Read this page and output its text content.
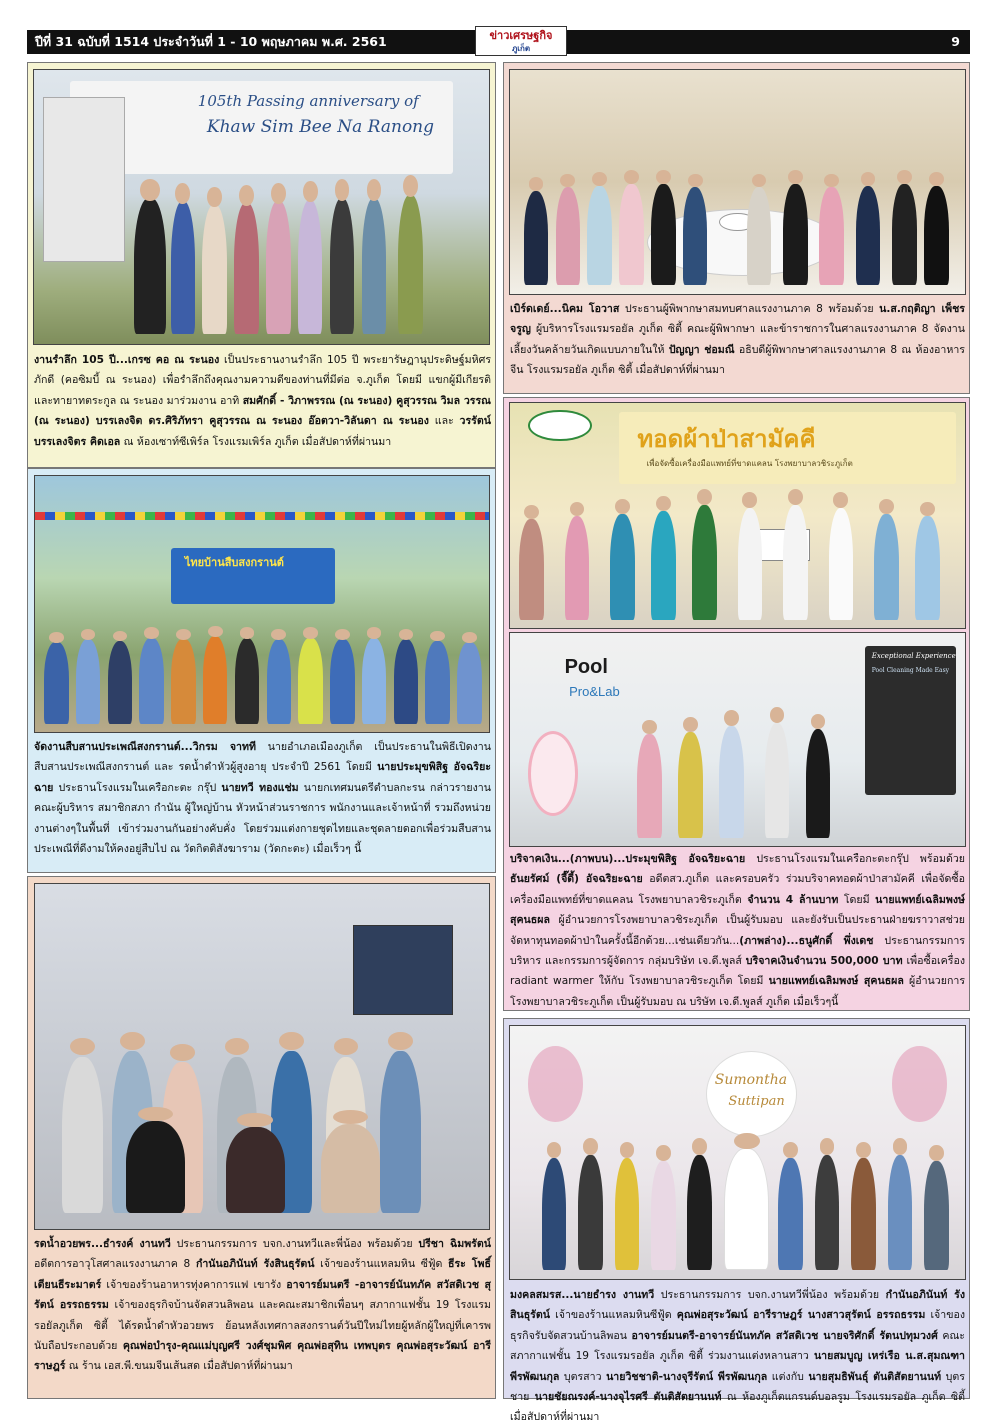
ปีที่ 31 ฉบับที่ 1514 ประจำวันที่ 1 - 10 พฤษภาคม พ.ศ. 2561	ข่าวเศรษฐกิจ
ภูเก็ต	9
105th Passing anniversary of
Khaw Sim Bee Na Ranong
งานรำลึก 105 ปี...เกรซ คอ ณ ระนอง เป็นประธานงานรำลึก 105 ปี พระยารัษฎานุประดิษฐ์มหิศร ภักดี (คอซิมบี้ ณ ระนอง) เพื่อรำลึกถึงคุณงามความดีของท่านที่มีต่อ จ.ภูเก็ต โดยมี แขกผู้มีเกียรติ และทายาทตระกูล ณ ระนอง มาร่วมงาน อาทิ สมศักดิ์ - วิภาพรรณ (ณ ระนอง) คูสุวรรณ วิมล วรรณ (ณ ระนอง) บรรเลงจิต ดร.ศิริภัทรา คูสุวรรณ ณ ระนอง อ๊อตวา-วิลันดา ณ ระนอง และ วรรัตน์ บรรเลงจิตร คิดเอล ณ ห้องเซาท์ซีเพิร์ล โรงแรมเพิร์ล ภูเก็ต เมื่อสัปดาห์ที่ผ่านมา
เบิร์ดเดย์...นิคม โอวาส ประธานผู้พิพากษาสมทบศาลแรงงานภาค 8 พร้อมด้วย น.ส.กฤติญา เพ็ชรจรูญ ผู้บริหารโรงแรมรอยัล ภูเก็ต ซิตี้ คณะผู้พิพากษา และข้าราชการในศาลแรงงานภาค 8 จัดงานเลี้ยงวันคล้ายวันเกิดแบบภายในให้ ปัญญา ช่อมณี อธิบดีผู้พิพากษาศาลแรงงานภาค 8 ณ ห้องอาหารจีน โรงแรมรอยัล ภูเก็ต ซิตี้ เมื่อสัปดาห์ที่ผ่านมา
ไทยบ้านสืบสงกรานต์
จัดงานสืบสานประเพณีสงกรานต์...วิกรม จาทที นายอำเภอเมืองภูเก็ต เป็นประธานในพิธีเปิดงานสืบสานประเพณีสงกรานต์ และ รดน้ำดำหัวผู้สูงอายุ ประจำปี 2561 โดยมี นายประมุขพิสิฐ อัจฉริยะฉาย ประธานโรงแรมในเครือกะตะ กรุ๊ป นายทวี ทองแช่ม นายกเทศมนตรีตำบลกะรน กล่าวรายงาน คณะผู้บริหาร สมาชิกสภา กำนัน ผู้ใหญ่บ้าน หัวหน้าส่วนราชการ พนักงานและเจ้าหน้าที่ รวมถึงหน่วยงานต่างๆในพื้นที่ เข้าร่วมงานกันอย่างคับคั่ง โดยร่วมแต่งกายชุดไทยและชุดลายดอกเพื่อร่วมสืบสานประเพณีที่ดีงามให้คงอยู่สืบไป ณ วัดกิตติสังฆาราม (วัดกะตะ) เมื่อเร็วๆ นี้
ทอดผ้าป่าสามัคคี
เพื่อจัดซื้อเครื่องมือแพทย์ที่ขาดแคลน โรงพยาบาลวชิระภูเก็ต
Pool
Pro&Lab
Exceptional Experience
Pool Cleaning Made Easy
บริจาคเงิน...(ภาพบน)...ประมุขพิสิฐ อัจฉริยะฉาย ประธานโรงแรมในเครือกะตะกรุ๊ป พร้อมด้วย ธันยรัศม์ (จี๊ดี้) อัจฉริยะฉาย อดีตสว.ภูเก็ต และครอบครัว ร่วมบริจาคทอดผ้าป่าสามัคคี เพื่อจัดซื้อเครื่องมือแพทย์ที่ขาดแคลน โรงพยาบาลวชิระภูเก็ต จำนวน 4 ล้านบาท โดยมี นายแพทย์เฉลิมพงษ์ สุคนธผล ผู้อำนวยการโรงพยาบาลวชิระภูเก็ต เป็นผู้รับมอบ และยังรับเป็นประธานฝ่ายฆราวาสช่วยจัดหาทุนทอดผ้าป่าในครั้งนี้อีกด้วย...เช่นเดียวกัน...(ภาพล่าง)...ธนูศักดิ์ พึ่งเดช ประธานกรรมการบริหาร และกรรมการผู้จัดการ กลุ่มบริษัท เจ.ดี.พูลส์ บริจาคเงินจำนวน 500,000 บาท เพื่อซื้อเครื่อง radiant warmer ให้กับ โรงพยาบาลวชิระภูเก็ต โดยมี นายแพทย์เฉลิมพงษ์ สุคนธผล ผู้อำนวยการโรงพยาบาลวชิระภูเก็ต เป็นผู้รับมอบ ณ บริษัท เจ.ดี.พูลส์ ภูเก็ต เมื่อเร็วๆนี้
รดน้ำอวยพร...ธำรงค์ งานทวี ประธานกรรมการ บจก.งานทวีและพี่น้อง พร้อมด้วย ปรีชา ฉิมพรัตน์ อดีตการอาวุโสศาลแรงงานภาค 8 กำนันอภินันท์ รังสินธุรัตน์ เจ้าของร้านแหลมหิน ซีฟู้ด ธีระ โพธิ์เตียนธีระมาตร์ เจ้าของร้านอาหารทุ่งคาการแฟ เขารัง อาจารย์มนตรี -อาจารย์นันทภัค สวัสดิเวช สุรัตน์ อรรถธรรม เจ้าของธุรกิจบ้านจัดสวนลิพอน และคณะสมาชิกเพื่อนๆ สภากาแฟชั้น 19 โรงแรมรอยัลภูเก็ต ซิตี้ ได้รดน้ำดำหัวอวยพร ย้อนหลังเทศกาลสงกรานต์วันปีใหม่ไทยผู้หลักผู้ใหญ่ที่เคารพนับถือประกอบด้วย คุณพ่อบำรุง-คุณแม่บุญศรี วงศ์ชุมพิศ คุณพ่อสุทิน เทพบุตร คุณพ่อสุระวัฒน์ อารีราษฎร์ ณ ร้าน เอส.พี.ขนมจีนเส้นสด เมื่อสัปดาห์ที่ผ่านมา
Sumontha
Suttipan
มงคลสมรส...นายธำรง งานทวี ประธานกรรมการ บจก.งานทวีพี่น้อง พร้อมด้วย กำนันอภินันท์ รังสินธุรัตน์ เจ้าของร้านแหลมหินซีฟู้ด คุณพ่อสุระวัฒน์ อารีราษฎร์ นางสาวสุรัตน์ อรรถธรรม เจ้าของธุรกิจรับจัดสวนบ้านลิพอน อาจารย์มนตรี-อาจารย์นันทภัค สวัสดิเวช นายจริศักดิ์ รัตนปทุมวงศ์ คณะสภากาแฟชั้น 19 โรงแรมรอยัล ภูเก็ต ซิตี้ ร่วมงานแต่งหลานสาว นายสมบูญ เหร่เรือ น.ส.สุมณฑา พีรพัฒนกุล บุตรสาว นายวิชชาติ-นางจุรีรัตน์ พีรพัฒนกุล แต่งกับ นายสุมธิพันธุ์ ตันติสัตยานนท์ บุตรชาย นายชัยณรงค์-นางจุไรศรี ตันติสัตยานนท์ ณ ห้องภูเก็ตแกรนด์บอลรูม โรงแรมรอยัล ภูเก็ต ซิตี้ เมื่อสัปดาห์ที่ผ่านมา
